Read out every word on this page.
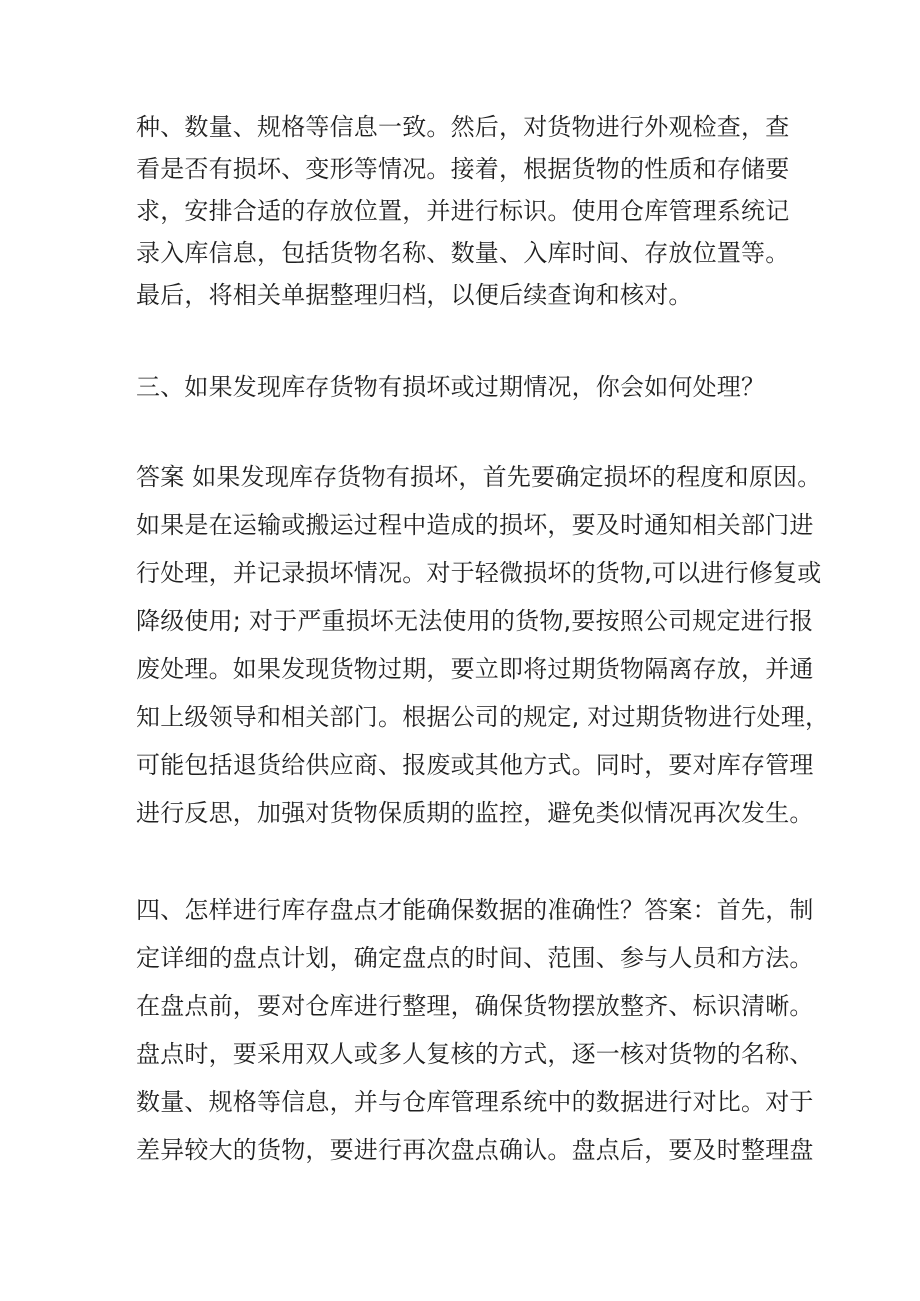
种、数量、规格等信息一致。然后，对货物进行外观检查，查

看是否有损坏、变形等情况。接着，根据货物的性质和存储要

求，安排合适的存放位置，并进行标识。使用仓库管理系统记

录入库信息，包括货物名称、数量、入库时间、存放位置等。

最后，将相关单据整理归档，以便后续查询和核对。

三、如果发现库存货物有损坏或过期情况，你会如何处理？

答案 如果发现库存货物有损坏，首先要确定损坏的程度和原因。

如果是在运输或搬运过程中造成的损坏，要及时通知相关部门进

行处理，并记录损坏情况。对于轻微损坏的货物,可以进行修复或

降级使用; 对于严重损坏无法使用的货物,要按照公司规定进行报

废处理。如果发现货物过期，要立即将过期货物隔离存放，并通

知上级领导和相关部门。根据公司的规定, 对过期货物进行处理，

可能包括退货给供应商、报废或其他方式。同时，要对库存管理

进行反思，加强对货物保质期的监控，避免类似情况再次发生。

四、怎样进行库存盘点才能确保数据的准确性？答案：首先，制

定详细的盘点计划，确定盘点的时间、范围、参与人员和方法。

在盘点前，要对仓库进行整理，确保货物摆放整齐、标识清晰。

盘点时，要采用双人或多人复核的方式，逐一核对货物的名称、

数量、规格等信息，并与仓库管理系统中的数据进行对比。对于

差异较大的货物，要进行再次盘点确认。盘点后，要及时整理盘
